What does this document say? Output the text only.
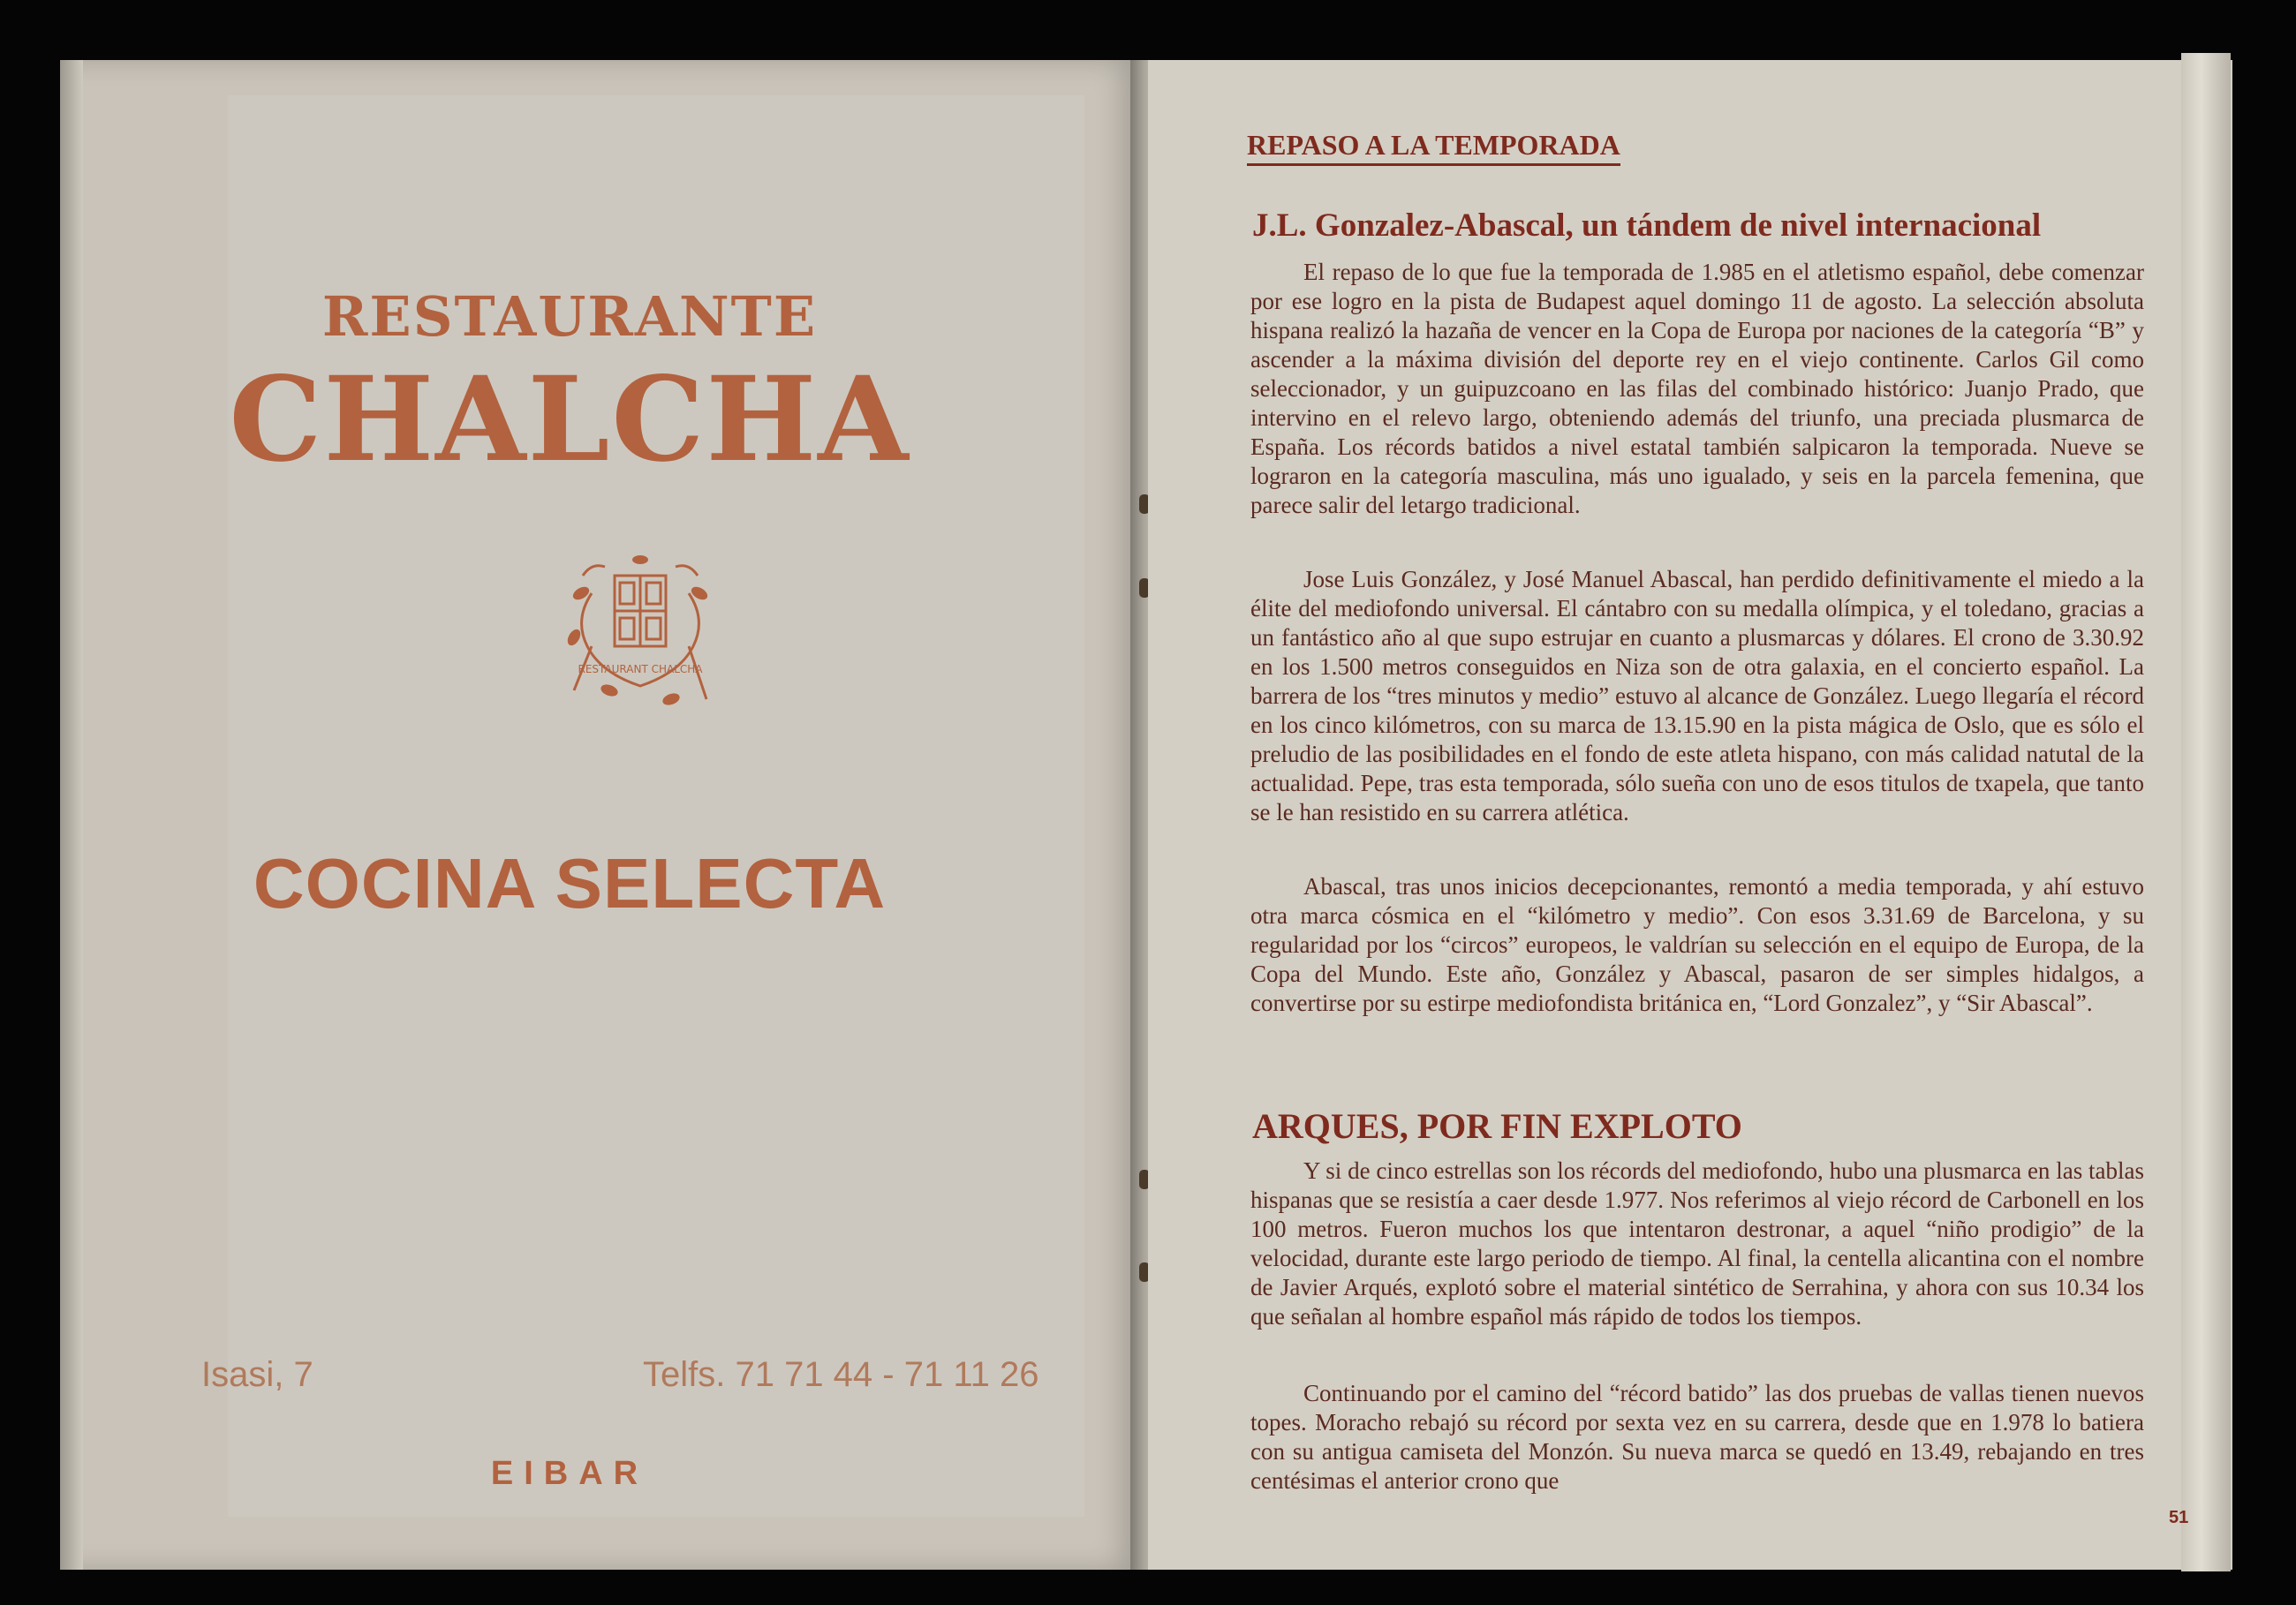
RESTAURANTE
CHALCHA
RESTAURANT CHALCHA
COCINA SELECTA
Isasi, 7	Telfs. 71 71 44 - 71 11 26
EIBAR
REPASO A LA TEMPORADA
J.L. Gonzalez-Abascal, un tándem de nivel internacional

El repaso de lo que fue la temporada de 1.985 en el atletismo español, debe comenzar por ese logro en la pista de Budapest aquel domingo 11 de agosto. La selección absoluta hispana realizó la hazaña de vencer en la Copa de Europa por naciones de la categoría “B” y ascender a la máxima división del deporte rey en el viejo continente. Carlos Gil como seleccionador, y un guipuzcoano en las filas del combinado histórico: Juanjo Prado, que intervino en el relevo largo, obteniendo además del triunfo, una preciada plusmarca de España. Los récords batidos a nivel estatal también salpicaron la temporada. Nueve se lograron en la categoría masculina, más uno igualado, y seis en la parcela femenina, que parece salir del letargo tradicional.

Jose Luis González, y José Manuel Abascal, han perdido definitivamente el miedo a la élite del mediofondo universal. El cántabro con su medalla olímpica, y el toledano, gracias a un fantástico año al que supo estrujar en cuanto a plusmarcas y dólares. El crono de 3.30.92 en los 1.500 metros conseguidos en Niza son de otra galaxia, en el concierto español. La barrera de los “tres minutos y medio” estuvo al alcance de González. Luego llegaría el récord en los cinco kilómetros, con su marca de 13.15.90 en la pista mágica de Oslo, que es sólo el preludio de las posibilidades en el fondo de este atleta hispano, con más calidad natutal de la actualidad. Pepe, tras esta temporada, sólo sueña con uno de esos titulos de txapela, que tanto se le han resistido en su carrera atlética.

Abascal, tras unos inicios decepcionantes, remontó a media temporada, y ahí estuvo otra marca cósmica en el “kilómetro y medio”. Con esos 3.31.69 de Barcelona, y su regularidad por los “circos” europeos, le valdrían su selección en el equipo de Europa, de la Copa del Mundo. Este año, González y Abascal, pasaron de ser simples hidalgos, a convertirse por su estirpe mediofondista británica en, “Lord Gonzalez”, y “Sir Abascal”.

ARQUES, POR FIN EXPLOTO

Y si de cinco estrellas son los récords del mediofondo, hubo una plusmarca en las tablas hispanas que se resistía a caer desde 1.977. Nos referimos al viejo récord de Carbonell en los 100 metros. Fueron muchos los que intentaron destronar, a aquel “niño prodigio” de la velocidad, durante este largo periodo de tiempo. Al final, la centella alicantina con el nombre de Javier Arqués, explotó sobre el material sintético de Serrahina, y ahora con sus 10.34 los que señalan al hombre español más rápido de todos los tiempos.

Continuando por el camino del “récord batido” las dos pruebas de vallas tienen nuevos topes. Moracho rebajó su récord por sexta vez en su carrera, desde que en 1.978 lo batiera con su antigua camiseta del Monzón. Su nueva marca se quedó en 13.49, rebajando en tres centésimas el anterior crono que

51
